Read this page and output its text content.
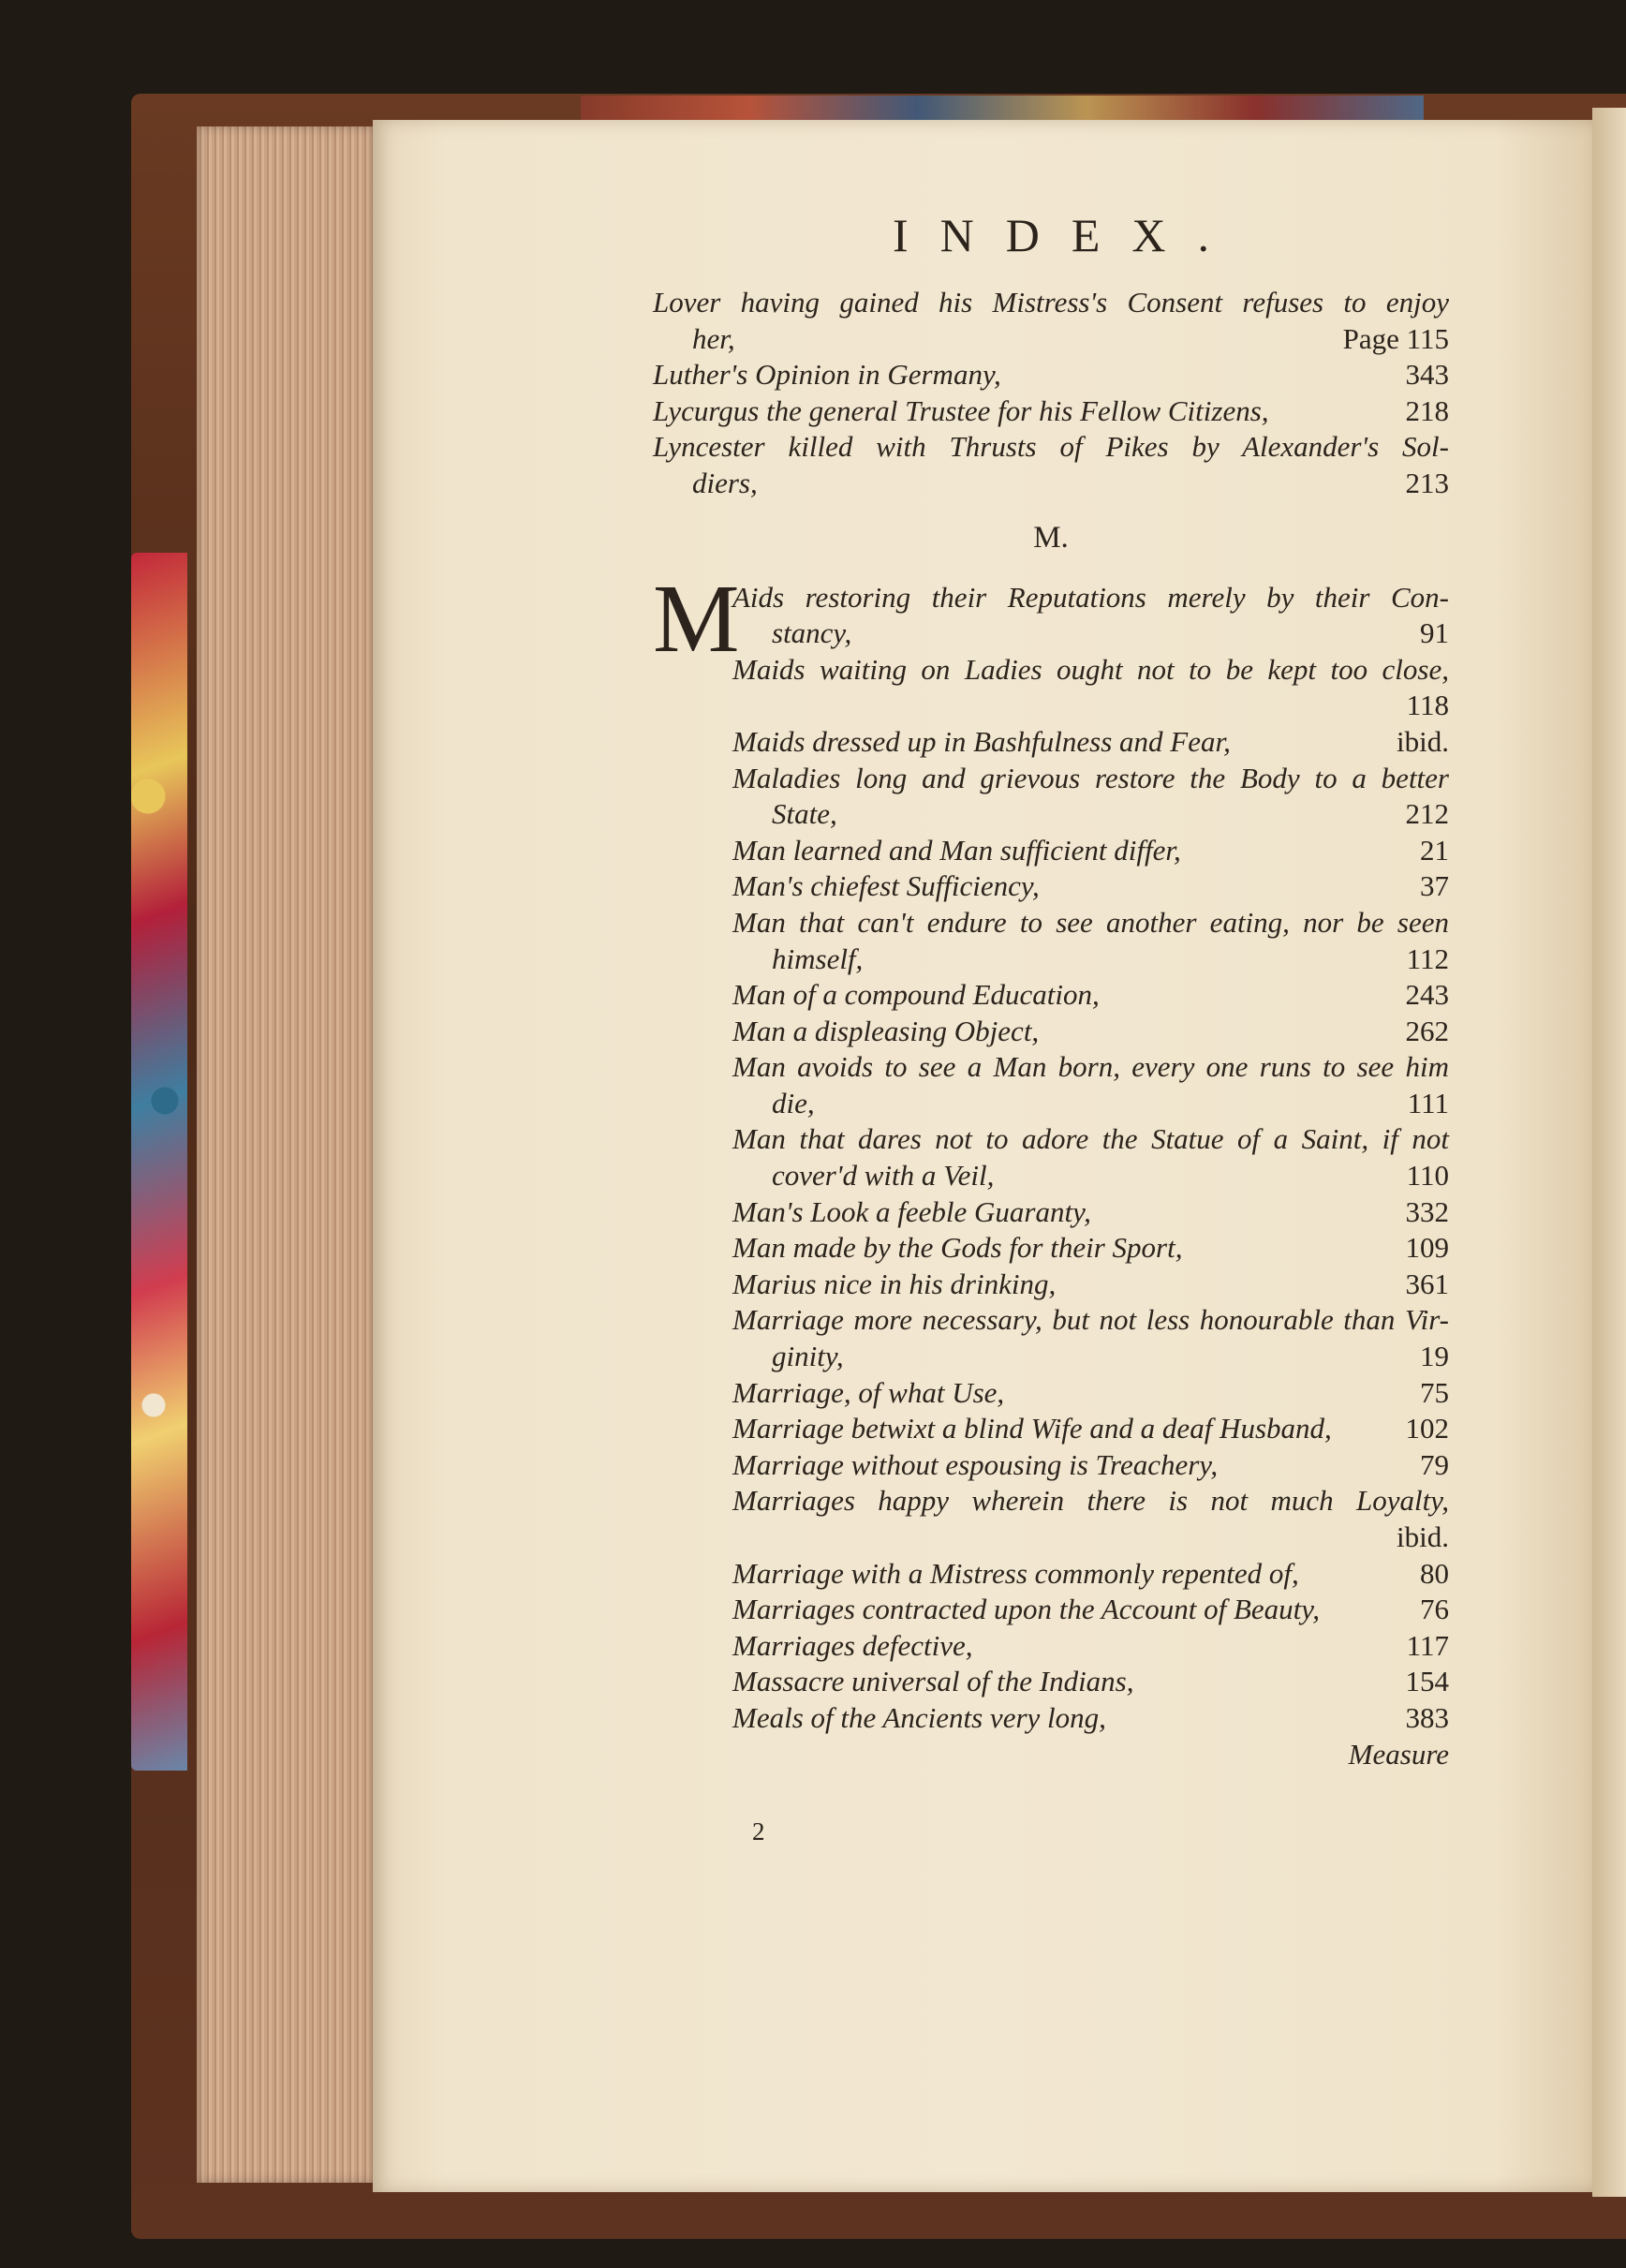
INDEX.
Lover having gained his Mistress's Consent refuses to enjoy
her,	Page 115
Luther's Opinion in Germany,	343
Lycurgus the general Trustee for his Fellow Citizens,	218
Lyncester killed with Thrusts of Pikes by Alexander's Sol-
diers,	213
M.
M
Aids restoring their Reputations merely by their Con-
stancy,	91
Maids waiting on Ladies ought not to be kept too close,
118
Maids dressed up in Bashfulness and Fear,	ibid.
Maladies long and grievous restore the Body to a better
State,	212
Man learned and Man sufficient differ,	21
Man's chiefest Sufficiency,	37
Man that can't endure to see another eating, nor be seen
himself,	112
Man of a compound Education,	243
Man a displeasing Object,	262
Man avoids to see a Man born, every one runs to see him
die,	111
Man that dares not to adore the Statue of a Saint, if not
cover'd with a Veil,	110
Man's Look a feeble Guaranty,	332
Man made by the Gods for their Sport,	109
Marius nice in his drinking,	361
Marriage more necessary, but not less honourable than Vir-
ginity,	19
Marriage, of what Use,	75
Marriage betwixt a blind Wife and a deaf Husband,	102
Marriage without espousing is Treachery,	79
Marriages happy wherein there is not much Loyalty,
ibid.
Marriage with a Mistress commonly repented of,	80
Marriages contracted upon the Account of Beauty,	76
Marriages defective,	117
Massacre universal of the Indians,	154
Meals of the Ancients very long,	383
Measure
2
